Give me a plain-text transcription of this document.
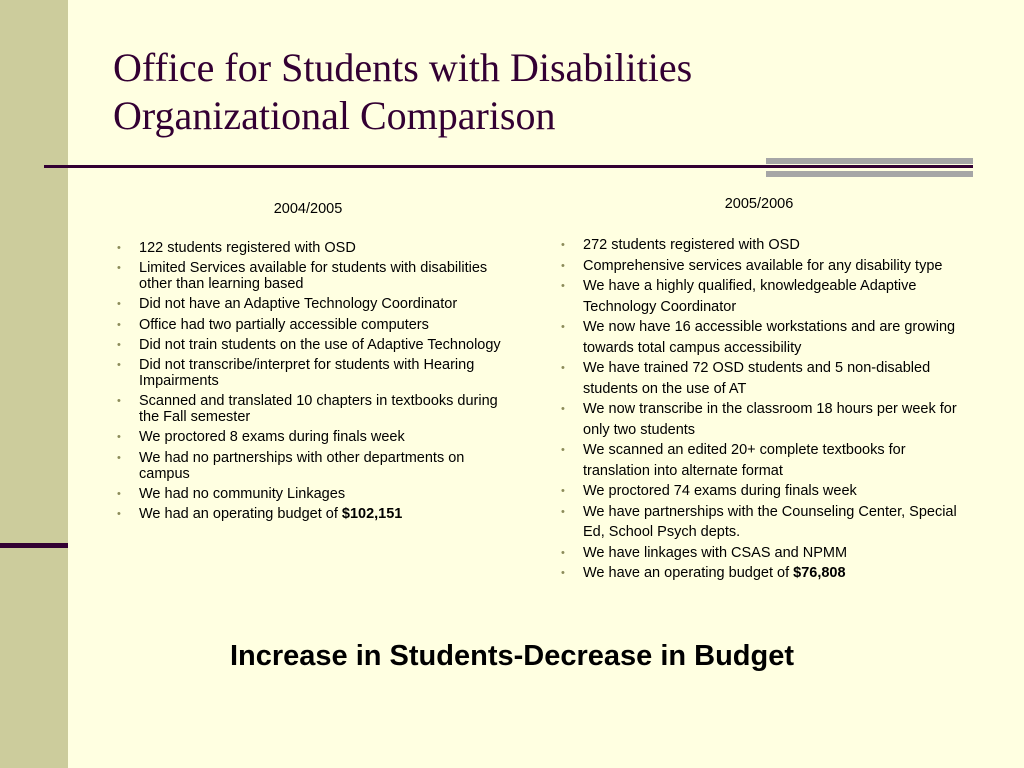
Office for Students with Disabilities
Organizational Comparison

2004/2005

• 122 students registered with OSD
• Limited Services available for students with disabilities other than learning based
• Did not have an Adaptive Technology Coordinator
• Office had two partially accessible computers
• Did not train students on the use of Adaptive Technology
• Did not transcribe/interpret for students with Hearing Impairments
• Scanned and translated 10 chapters in textbooks during the Fall semester
• We proctored 8 exams during finals week
• We had no partnerships with other departments on campus
• We had no community Linkages
• We had an operating budget of $102,151

2005/2006

• 272 students registered with OSD
• Comprehensive services available for any disability type
• We have a highly qualified, knowledgeable Adaptive Technology Coordinator
• We now have 16 accessible workstations and are growing towards total campus accessibility
• We have trained 72 OSD students and 5 non-disabled students on the use of AT
• We now transcribe in the classroom 18 hours per week for only two students
• We scanned an edited 20+ complete textbooks for translation into alternate format
• We proctored 74 exams during finals week
• We have partnerships with the Counseling Center, Special Ed, School Psych depts.
• We have linkages with CSAS and NPMM
• We have an operating budget of $76,808

Increase in Students-Decrease in Budget
